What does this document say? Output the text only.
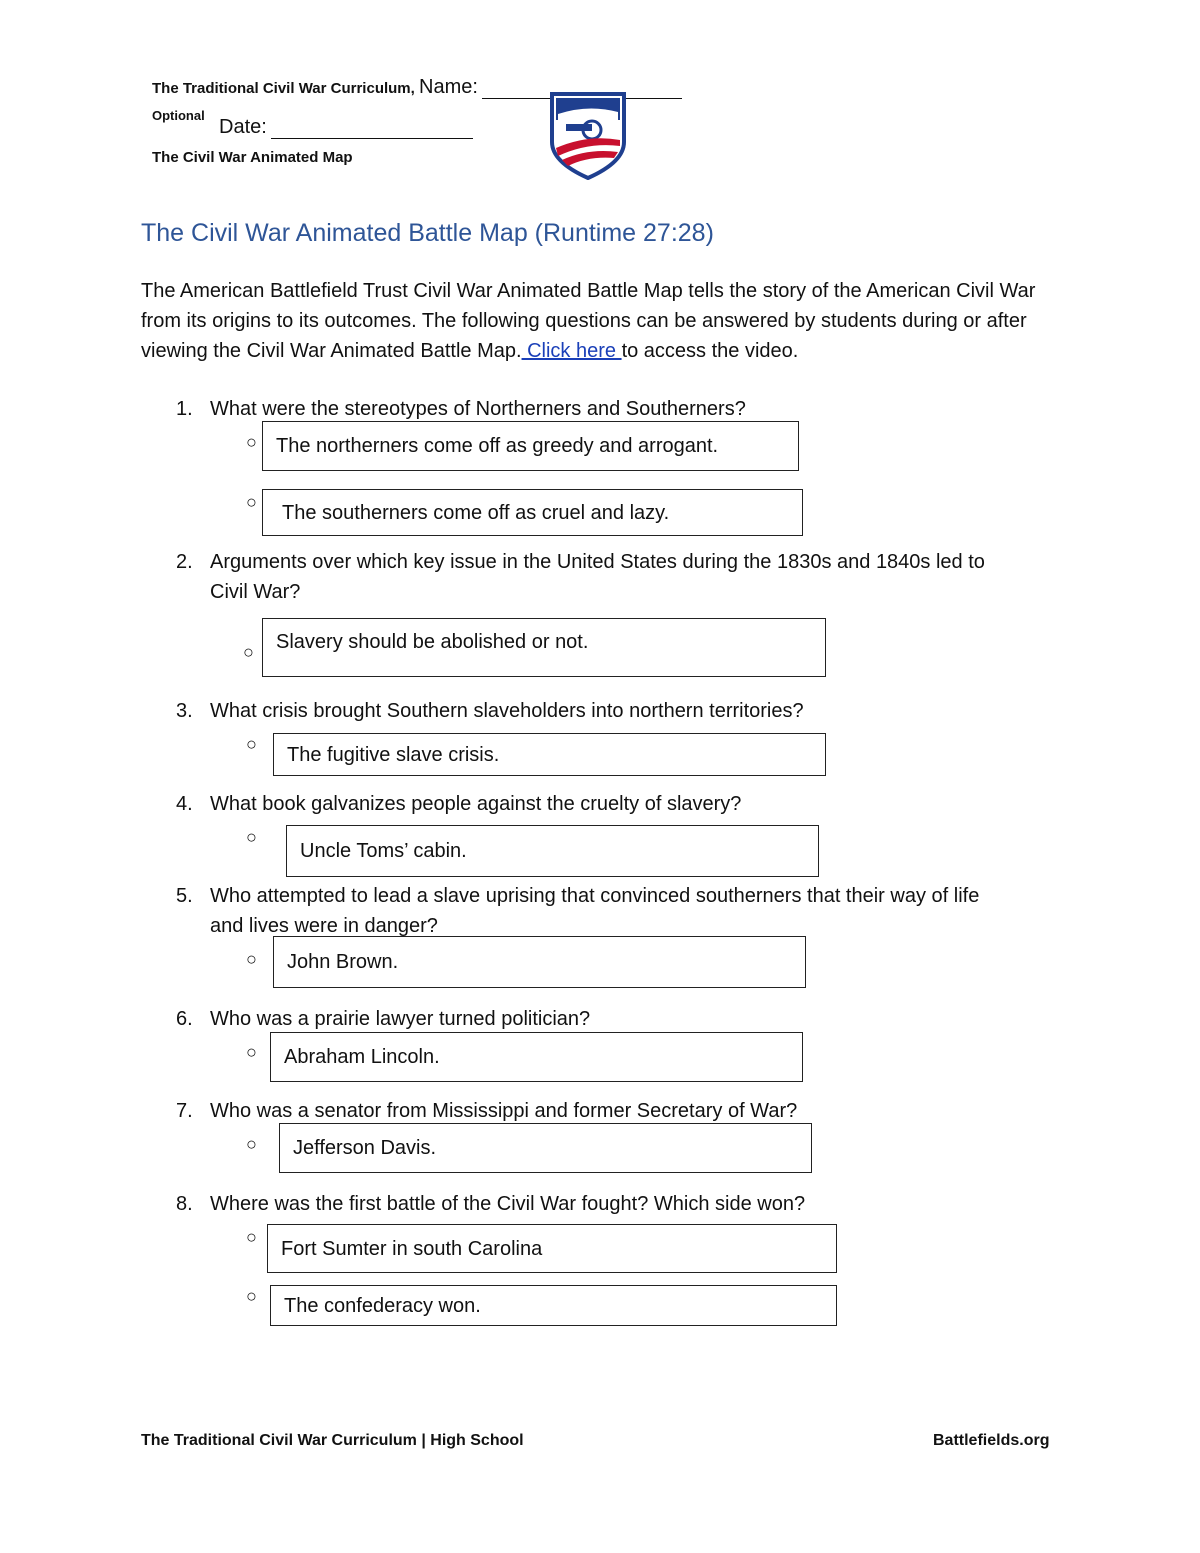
The Traditional Civil War Curriculum, Name:
Optional
Date:
The Civil War Animated Map
The Civil War Animated Battle Map (Runtime 27:28)
The American Battlefield Trust Civil War Animated Battle Map tells the story of the American Civil War from its origins to its outcomes. The following questions can be answered by students during or after viewing the Civil War Animated Battle Map. Click here to access the video.
1. What were the stereotypes of Northerners and Southerners?
○ The northerners come off as greedy and arrogant.
○	The southerners come off as cruel and lazy.
2. Arguments over which key issue in the United States during the 1830s and 1840s led to
Civil War?
○	Slavery should be abolished or not.
3. What crisis brought Southern slaveholders into northern territories?
○	The fugitive slave crisis.
4. What book galvanizes people against the cruelty of slavery?
○
Uncle Toms’ cabin.
5. Who attempted to lead a slave uprising that convinced southerners that their way of life
and lives were in danger?
○	John Brown.
6. Who was a prairie lawyer turned politician?
○	Abraham Lincoln.
7. Who was a senator from Mississippi and former Secretary of War?
○	Jefferson Davis.
8. Where was the first battle of the Civil War fought? Which side won?
○
Fort Sumter in south Carolina
○	The confederacy won.
The Traditional Civil War Curriculum | High School	Battlefields.org
